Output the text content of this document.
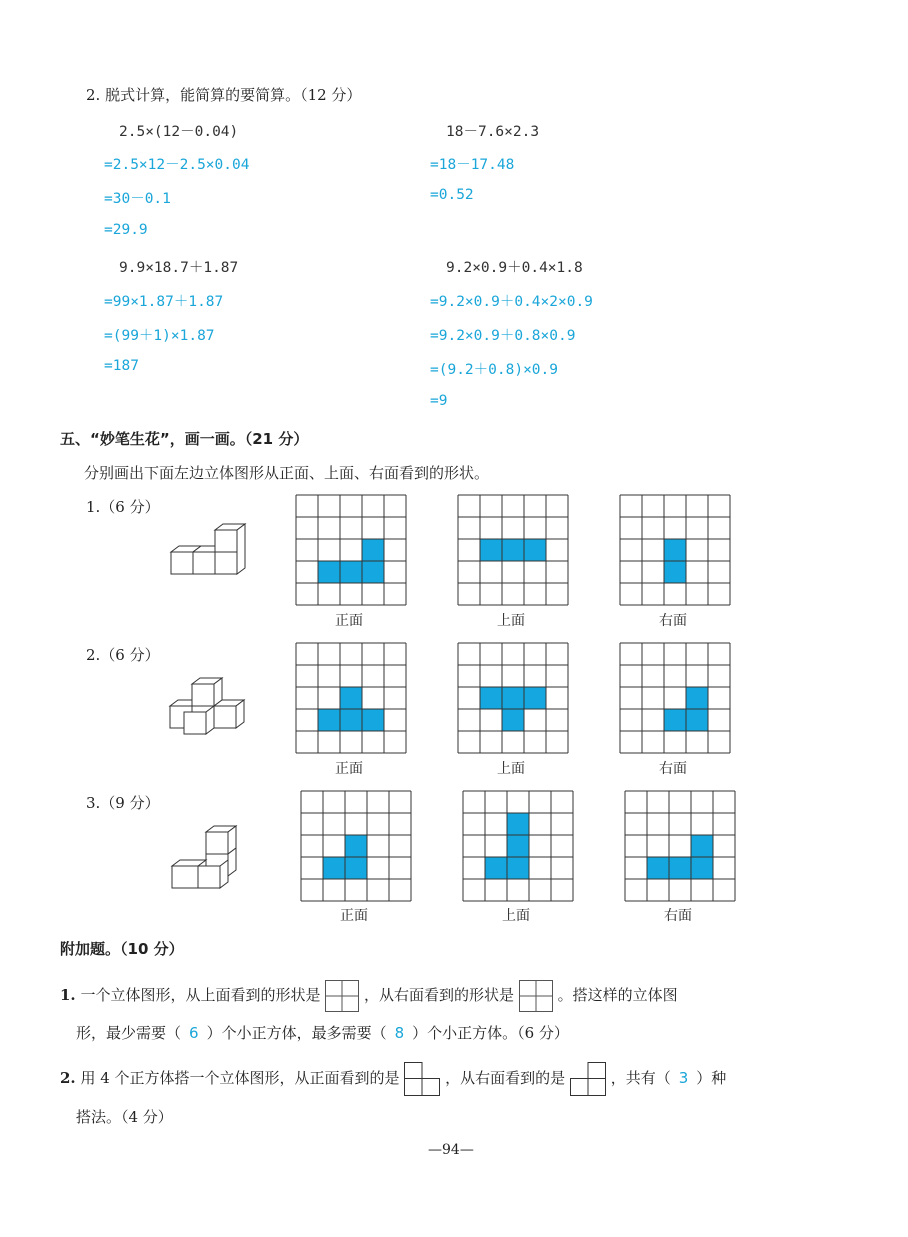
2. 脱式计算，能简算的要简算。（12 分）
2.5×(12－0.04)
=2.5×12－2.5×0.04
=30－0.1
=29.9
18－7.6×2.3
=18－17.48
=0.52
9.9×18.7＋1.87
=99×1.87＋1.87
=(99＋1)×1.87
=187
9.2×0.9＋0.4×1.8
=9.2×0.9＋0.4×2×0.9
=9.2×0.9＋0.8×0.9
=(9.2＋0.8)×0.9
=9
五、“妙笔生花”，画一画。（21 分）
分别画出下面左边立体图形从正面、上面、右面看到的形状。
1.（6 分）
2.（6 分）
3.（9 分）
正面	上面	右面
正面	上面	右面
正面	上面	右面
附加题。（10 分）
1. 一个立体图形，从上面看到的形状是	，从右面看到的形状是	。搭这样的立体图
形，最少需要（ 6 ）个小正方体，最多需要（ 8 ）个小正方体。（6 分）
2. 用 4 个正方体搭一个立体图形，从正面看到的是	，从右面看到的是	，共有（ 3 ）种
搭法。（4 分）
—94—
